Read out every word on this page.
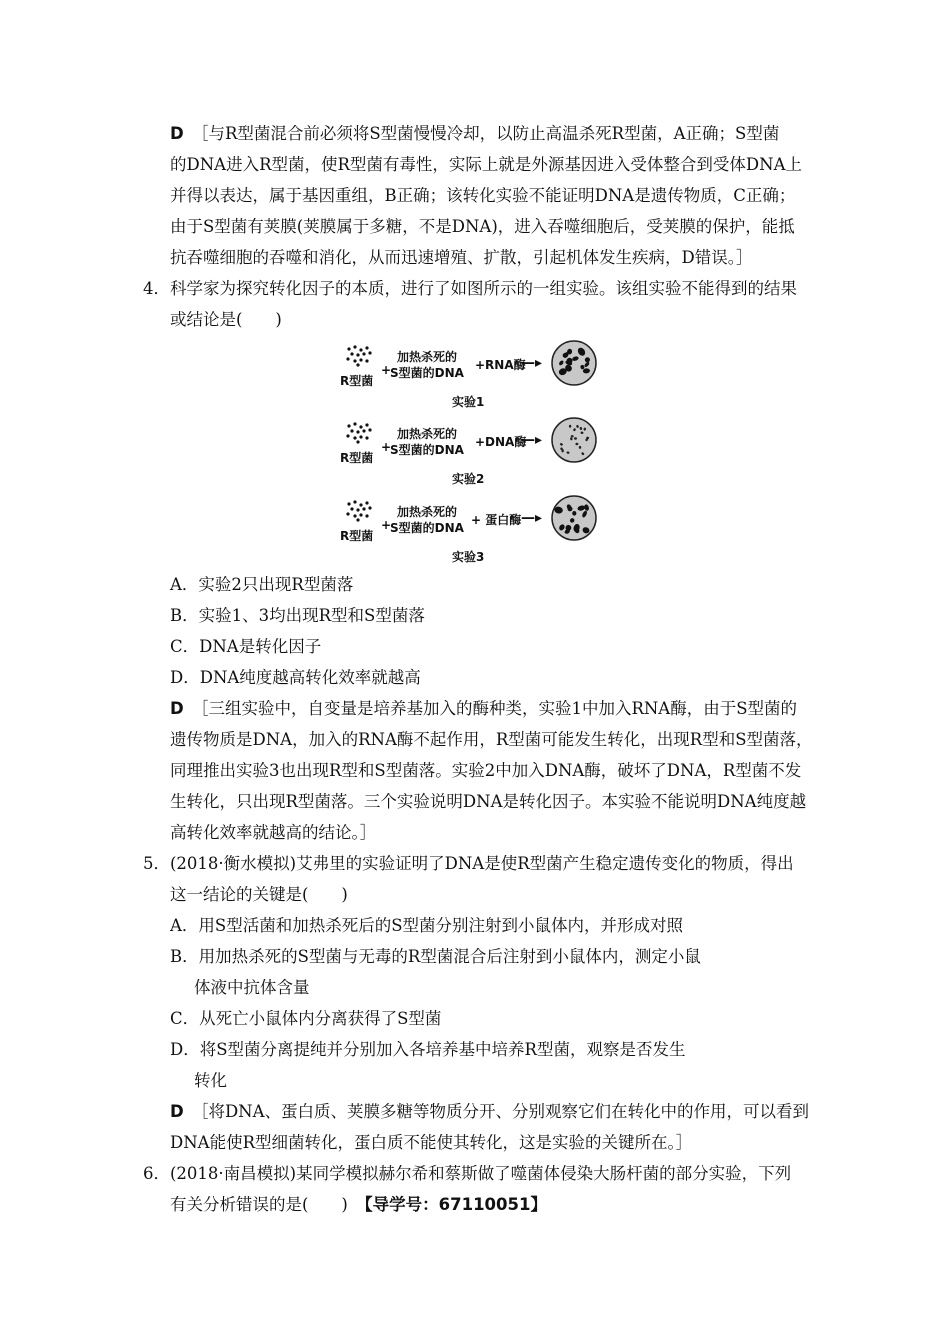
D　［与R型菌混合前必须将S型菌慢慢冷却，以防止高温杀死R型菌，A正确；S型菌
的DNA进入R型菌，使R型菌有毒性，实际上就是外源基因进入受体整合到受体DNA上
并得以表达，属于基因重组，B正确；该转化实验不能证明DNA是遗传物质，C正确；
由于S型菌有荚膜(荚膜属于多糖，不是DNA)，进入吞噬细胞后，受荚膜的保护，能抵
抗吞噬细胞的吞噬和消化，从而迅速增殖、扩散，引起机体发生疾病，D错误。］
4．科学家为探究转化因子的本质，进行了如图所示的一组实验。该组实验不能得到的结果
或结论是(　　)
A．实验2只出现R型菌落
B．实验1、3均出现R型和S型菌落
C．DNA是转化因子
D．DNA纯度越高转化效率就越高
D　［三组实验中，自变量是培养基加入的酶种类，实验1中加入RNA酶，由于S型菌的
遗传物质是DNA，加入的RNA酶不起作用，R型菌可能发生转化，出现R型和S型菌落，
同理推出实验3也出现R型和S型菌落。实验2中加入DNA酶，破坏了DNA，R型菌不发
生转化，只出现R型菌落。三个实验说明DNA是转化因子。本实验不能说明DNA纯度越
高转化效率就越高的结论。］
5．(2018·衡水模拟)艾弗里的实验证明了DNA是使R型菌产生稳定遗传变化的物质，得出
这一结论的关键是(　　)
A．用S型活菌和加热杀死后的S型菌分别注射到小鼠体内，并形成对照
B．用加热杀死的S型菌与无毒的R型菌混合后注射到小鼠体内，测定小鼠
体液中抗体含量
C．从死亡小鼠体内分离获得了S型菌
D．将S型菌分离提纯并分别加入各培养基中培养R型菌，观察是否发生
转化
D　［将DNA、蛋白质、荚膜多糖等物质分开、分别观察它们在转化中的作用，可以看到
DNA能使R型细菌转化，蛋白质不能使其转化，这是实验的关键所在。］
6．(2018·南昌模拟)某同学模拟赫尔希和蔡斯做了噬菌体侵染大肠杆菌的部分实验，下列
有关分析错误的是(　　)　【导学号：67110051】
R型菌
+
加热杀死的
S型菌的DNA
+RNA酶
—▸
实验1
R型菌
+
加热杀死的
S型菌的DNA
+DNA酶
—▸
实验2
R型菌
+
加热杀死的
S型菌的DNA
+ 蛋白酶 —▸
实验3
